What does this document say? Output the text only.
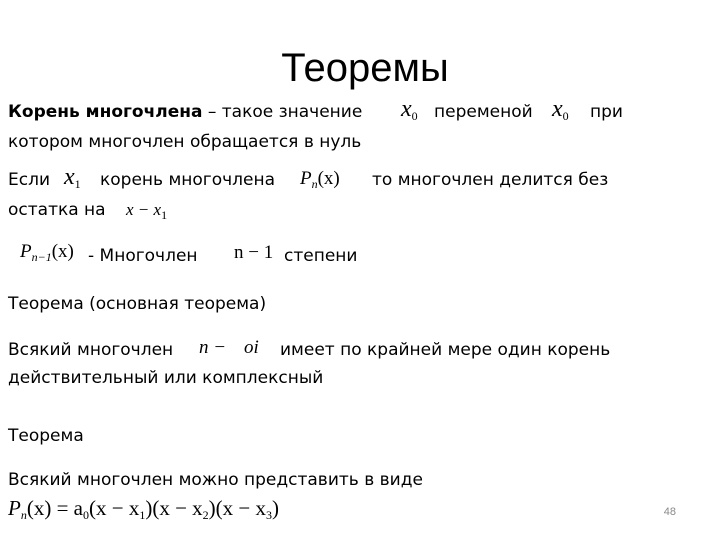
Теоремы
Корень многочлена – такое значение $x_0$ переменой $x_0$ при
котором многочлен обращается в нуль
Если $x_1$ корень многочлена $P_n(x)$ то многочлен делится без
остатка на $x - x_1$
$P_{n-1}(x)$ - Многочлен n − 1 степени
Теорема (основная теорема)
Всякий многочлен n − oi имеет по крайней мере один корень
действительный или комплексный
Теорема
Всякий многочлен можно представить в виде
$P_n(x) = a_0(x - x_1)(x - x_2)(x - x_3)$	48
